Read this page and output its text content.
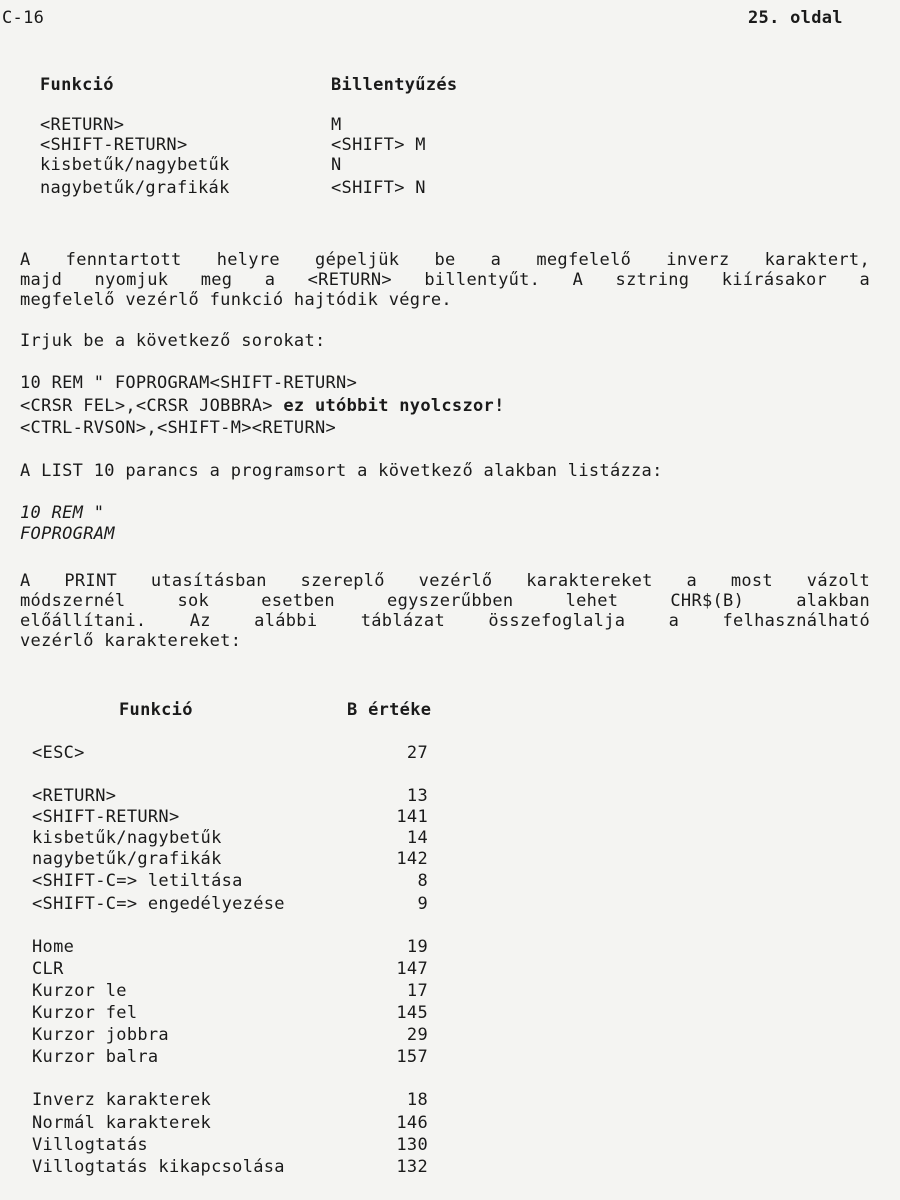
C-16	25. oldal
Funkció	Billentyűzés
<RETURN>	M
<SHIFT-RETURN>	<SHIFT> M
kisbetűk/nagybetűk	N
nagybetűk/grafikák	<SHIFT> N
A fenntartott helyre gépeljük be a megfelelő inverz karaktert,
majd nyomjuk meg a <RETURN> billentyűt. A sztring kiírásakor a
megfelelő vezérlő funkció hajtódik végre.
Irjuk be a következő sorokat:
10 REM " FOPROGRAM<SHIFT-RETURN>
<CRSR FEL>,<CRSR JOBBRA> ez utóbbit nyolcszor!
<CTRL-RVSON>,<SHIFT-M><RETURN>
A LIST 10 parancs a programsort a következő alakban listázza:
10 REM "
FOPROGRAM
A PRINT utasításban szereplő vezérlő karaktereket a most vázolt
módszernél sok esetben egyszerűbben lehet CHR$(B) alakban
előállítani. Az alábbi táblázat összefoglalja a felhasználható
vezérlő karaktereket:
Funkció	B értéke
<ESC>	27
<RETURN>	13
<SHIFT-RETURN>	141
kisbetűk/nagybetűk	14
nagybetűk/grafikák	142
<SHIFT-C=> letiltása	8
<SHIFT-C=> engedélyezése	9
Home	19
CLR	147
Kurzor le	17
Kurzor fel	145
Kurzor jobbra	29
Kurzor balra	157
Inverz karakterek	18
Normál karakterek	146
Villogtatás	130
Villogtatás kikapcsolása	132
